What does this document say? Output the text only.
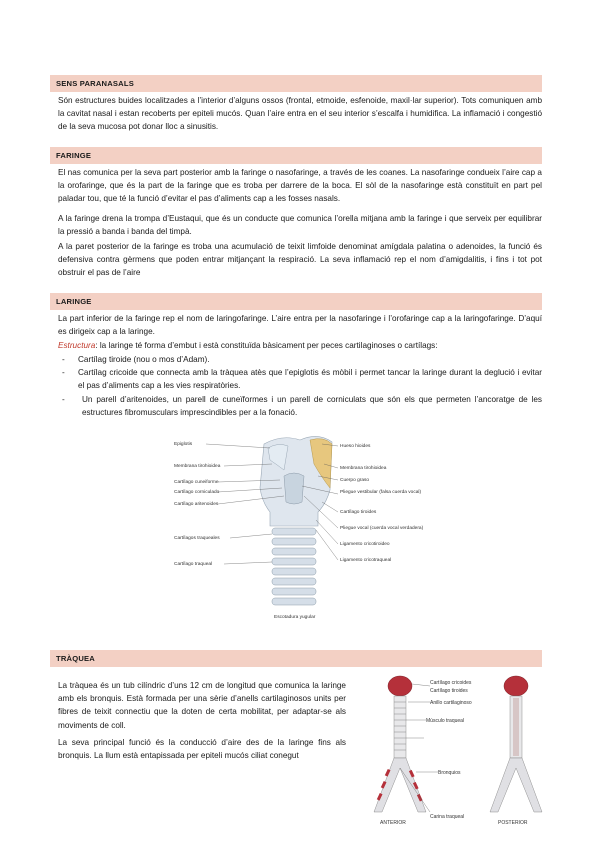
SENS PARANASALS

Són estructures buides localitzades a l’interior d’alguns ossos (frontal, etmoide, esfenoide, maxil·lar superior). Tots comuniquen amb la cavitat nasal i estan recoberts per epiteli mucós. Quan l’aire entra en el seu interior s’escalfa i humidifica. La inflamació i congestió de la seva mucosa pot donar lloc a sinusitis.

FARINGE

El nas comunica per la seva part posterior amb la faringe o nasofaringe, a través de les coanes. La nasofaringe condueix l’aire cap a la orofaringe, que és la part de la faringe que es troba per darrere de la boca. El sòl de la nasofaringe està constituït en part pel paladar tou, que té la funció d’evitar el pas d’aliments cap a les fosses nasals.

A la faringe drena la trompa d’Eustaqui, que és un conducte que comunica l’orella mitjana amb la faringe i que serveix per equilibrar la pressió a banda i banda del timpà.

A la paret posterior de la faringe es troba una acumulació de teixit limfoide denominat amígdala palatina o adenoides, la funció és defensiva contra gèrmens que poden entrar mitjançant la respiració. La seva inflamació rep el nom d’amigdalitis, i fins i tot pot obstruir el pas de l’aire

LARINGE

La part inferior de la faringe rep el nom de laringofaringe. L’aire entra per la nasofaringe i l’orofaringe cap a la laringofaringe. D’aquí es dirigeix cap a la laringe.

Estructura: la laringe té forma d’embut i està constituïda bàsicament per peces cartilaginoses o cartílags:

- Cartílag tiroide (nou o mos d’Adam).
- Cartílag cricoide que connecta amb la tràquea atès que l’epiglotis és mòbil i permet tancar la laringe durant la deglució i evitar el pas d’aliments cap a les vies respiratòries.
- Un parell d’aritenoides, un parell de cuneïformes i un parell de corniculats que són els que permeten l’ancoratge de les estructures fibromusculars imprescindibles per a la fonació.
Epiglotis
Membrana tirohioidea
Cartílago cuneiforme
Cartílago corniculado
Cartílago aritenoides
Cartílagos traqueales
Cartílago traqueal
Hueso hioides
Membrana tirohioidea
Cuerpo graso
Pliegue vestibular (falsa cuerda vocal)
Cartílago tiroides
Pliegue vocal (cuerda vocal verdadera)
Ligamento cricotiroideo
Ligamento cricotraqueal
Escotadura yugular
TRÀQUEA

La tràquea és un tub cilíndric d’uns 12 cm de longitud que comunica la laringe amb els bronquis. Està formada per una sèrie d’anells cartilaginosos units per fibres de teixit connectiu que la doten de certa mobilitat, per adaptar-se als moviments de coll.

La seva principal funció és la conducció d’aire des de la laringe fins als bronquis. La llum està entapissada per epiteli mucós ciliat conegut

Cartílago cricoides
Cartílago tiroides
Anillo cartilaginoso
Músculo traqueal
Bronquios
Carina traqueal
ANTERIOR	POSTERIOR
